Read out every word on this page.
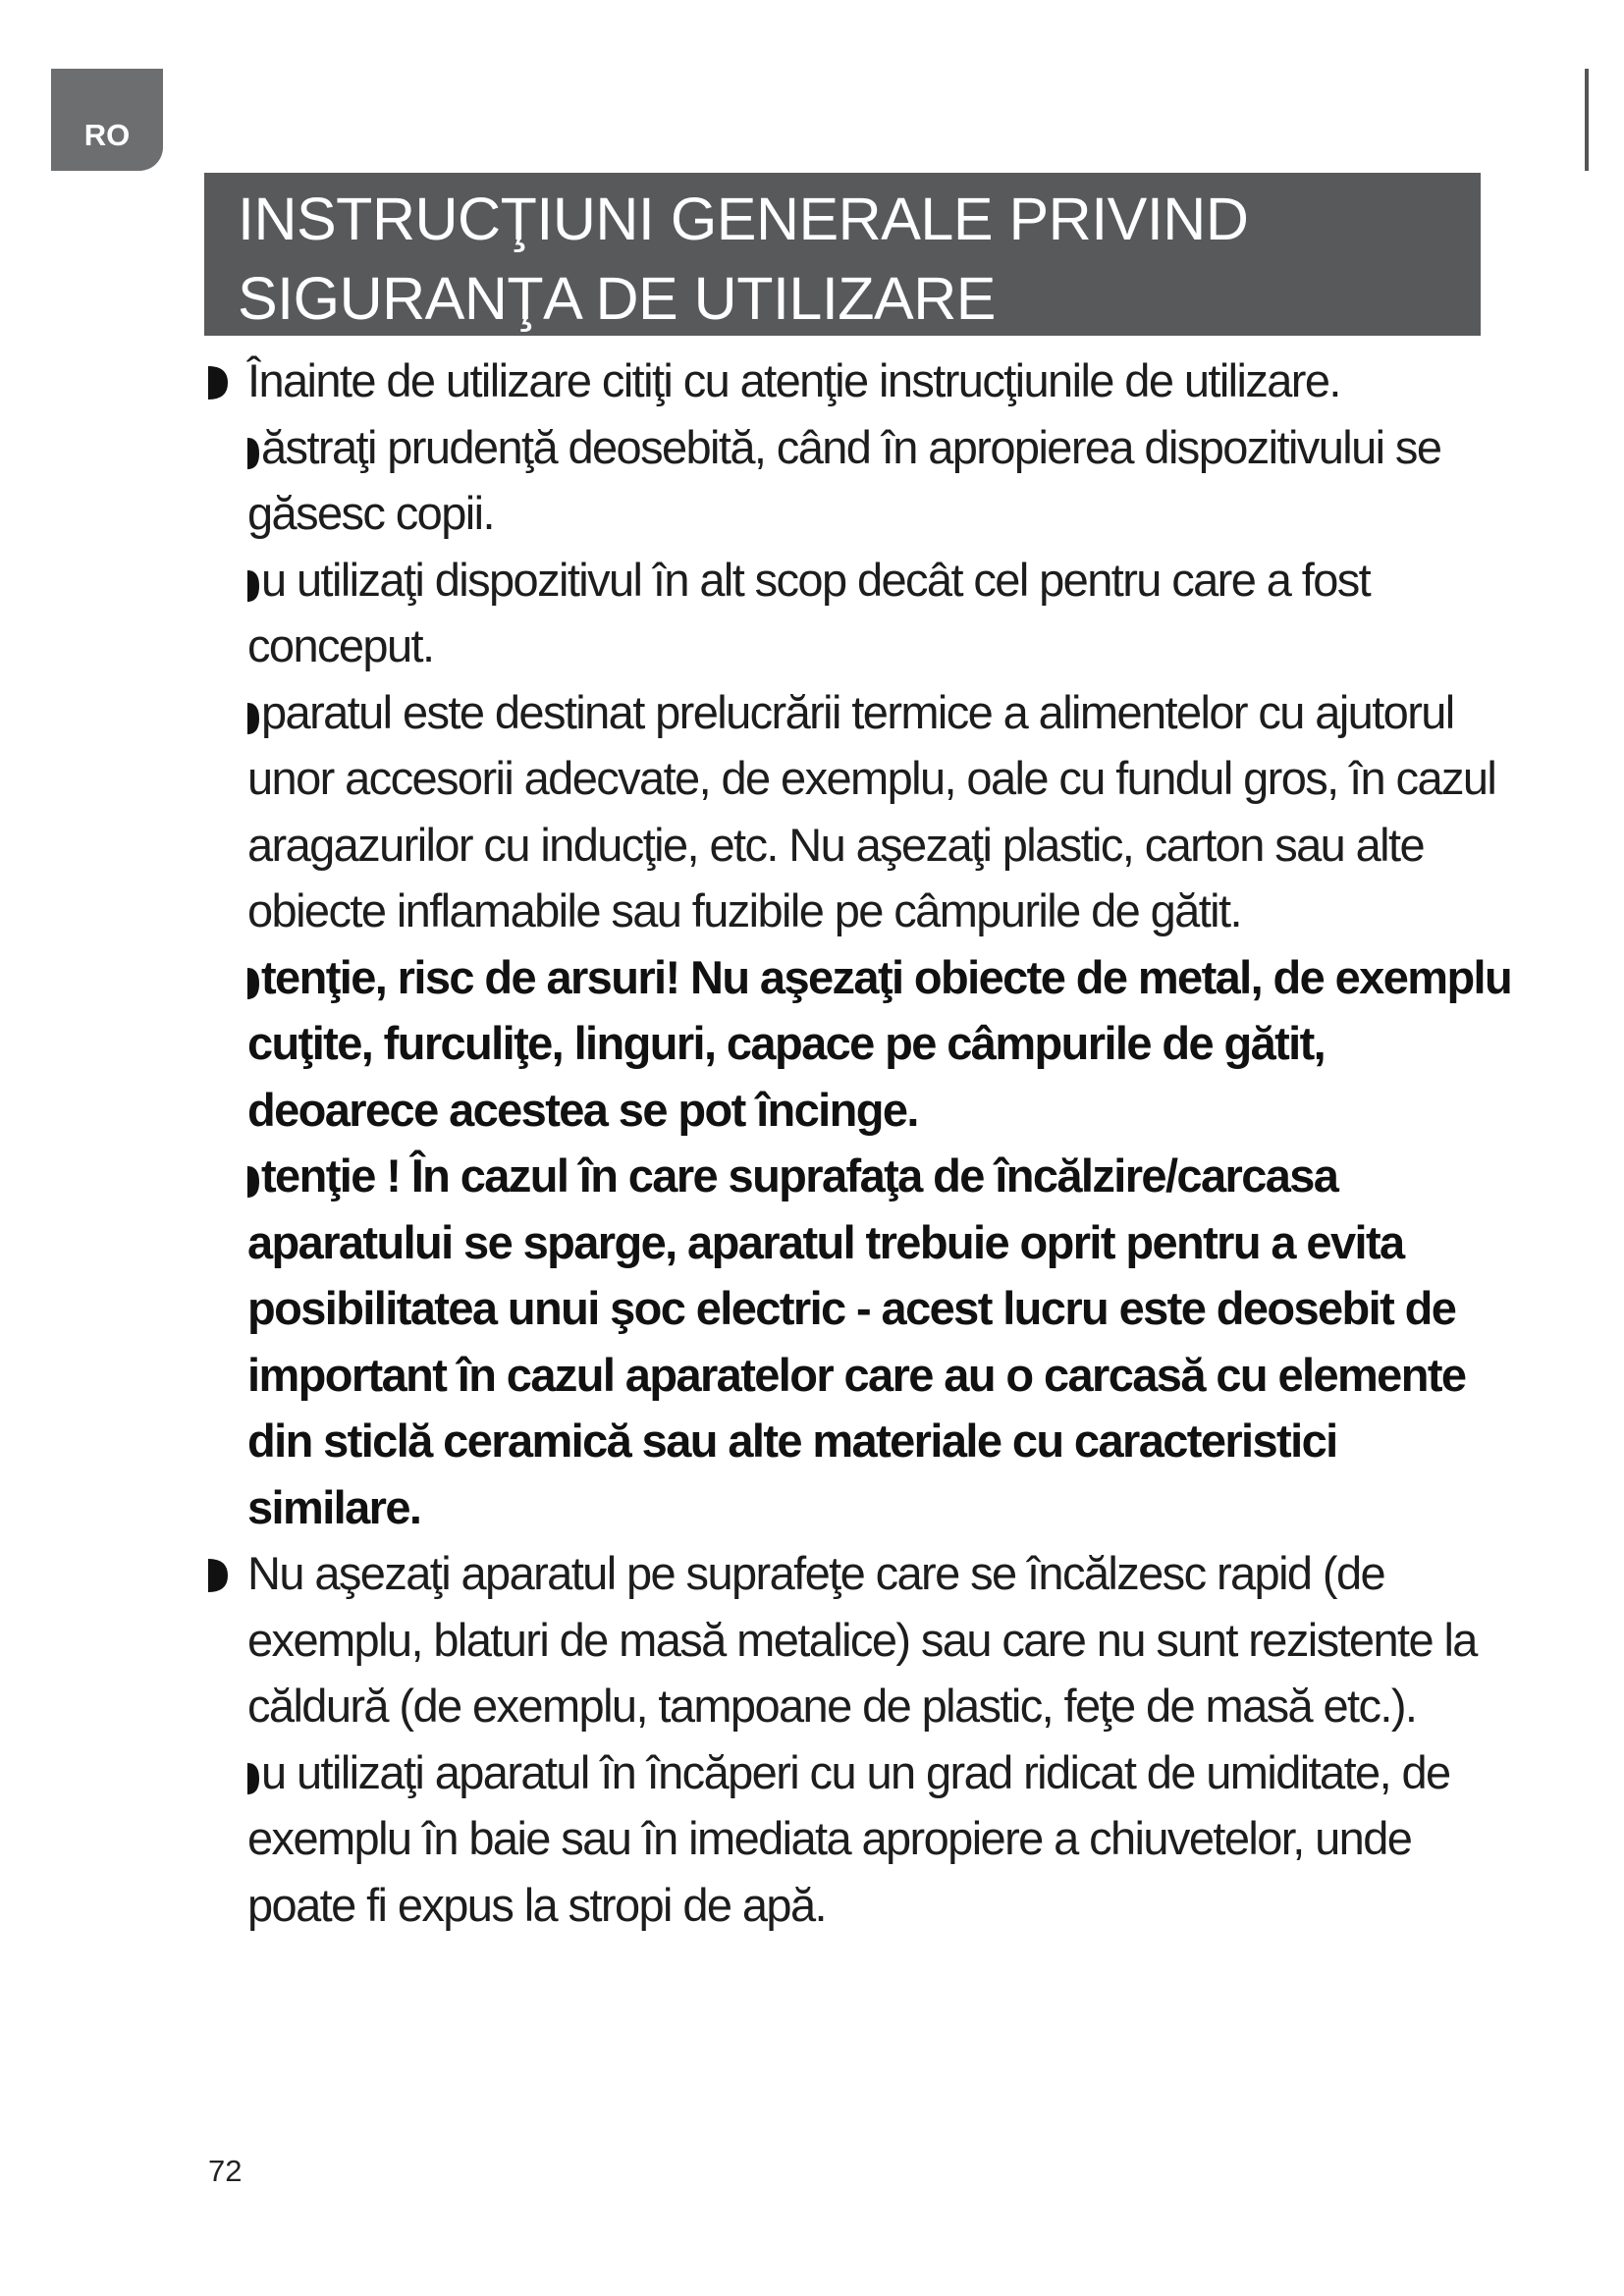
RO
INSTRUCŢIUNI GENERALE PRIVIND
SIGURANŢA DE UTILIZARE
Înainte de utilizare citiţi cu atenţie instrucţiunile de utilizare.
ăstraţi prudenţă deosebită, când în apropierea dispozitivului se găsesc copii.
u utilizaţi dispozitivul în alt scop decât cel pentru care a fost conceput.
paratul este destinat prelucrării termice a alimentelor cu ajutorul unor accesorii adecvate, de exemplu, oale cu fundul gros, în cazul aragazurilor cu inducţie, etc. Nu aşezaţi plastic, carton sau alte obiecte inflamabile sau fuzibile pe câmpurile de gătit.
tenţie, risc de arsuri! Nu aşezaţi obiecte de metal, de exemplu cuţite, furculiţe, linguri, capace pe câmpurile de gătit, deoarece acestea se pot încinge.
tenţie ! În cazul în care suprafaţa de încălzire/carcasa aparatului se sparge, aparatul trebuie oprit pentru a evita posibilitatea unui şoc electric - acest lucru este deosebit de important în cazul aparatelor care au o carcasă cu elemente din sticlă ceramică sau alte materiale cu caracteristici similare.
Nu aşezaţi aparatul pe suprafeţe care se încălzesc rapid (de exemplu, blaturi de masă metalice) sau care nu sunt rezistente la căldură (de exemplu, tampoane de plastic, feţe de masă etc.).
u utilizaţi aparatul în încăperi cu un grad ridicat de umiditate, de exemplu în baie sau în imediata apropiere a chiuvetelor, unde poate fi expus la stropi de apă.
72
